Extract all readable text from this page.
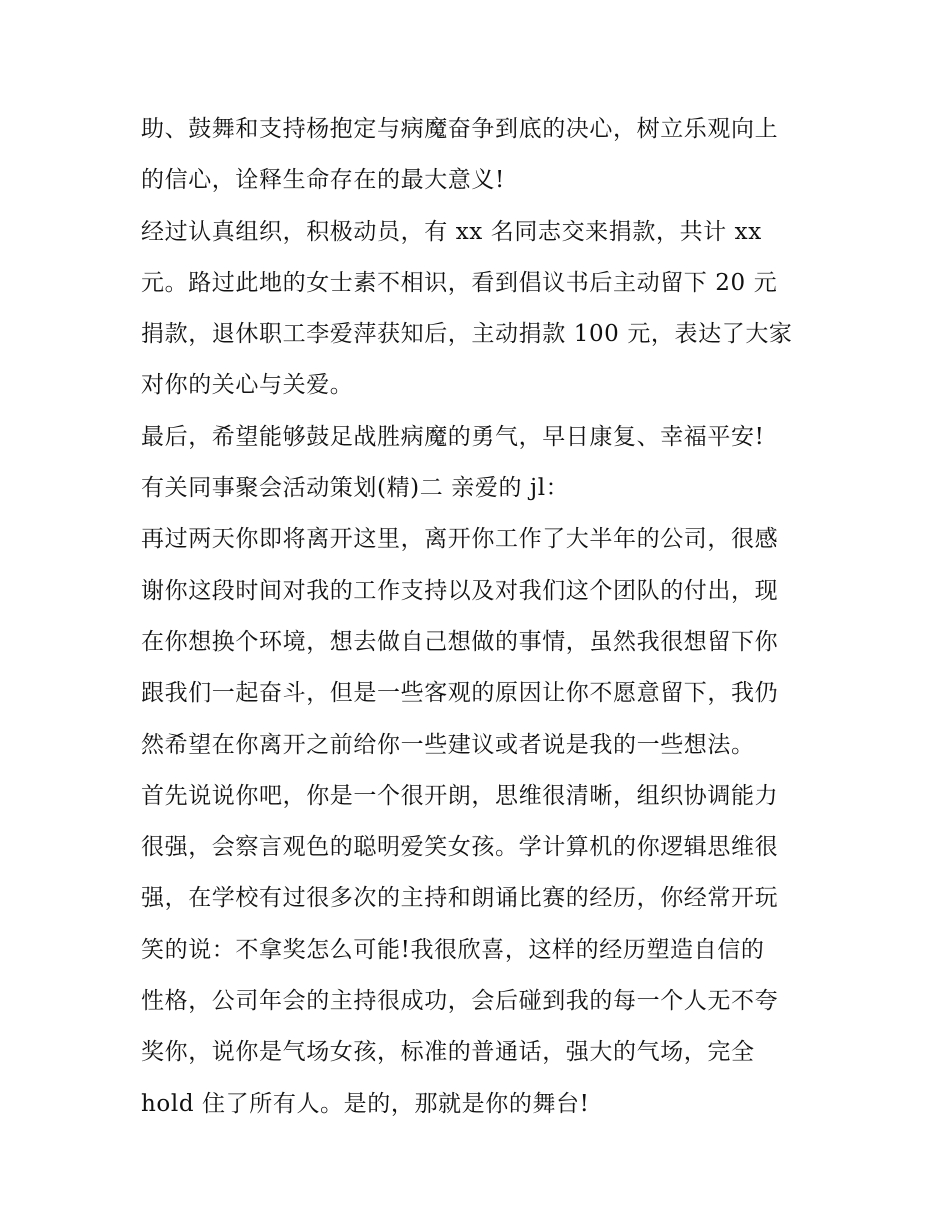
助、鼓舞和支持杨抱定与病魔奋争到底的决心，树立乐观向上
的信心，诠释生命存在的最大意义!
经过认真组织，积极动员，有 xx 名同志交来捐款，共计 xx
元。路过此地的女士素不相识，看到倡议书后主动留下 20 元
捐款，退休职工李爱萍获知后，主动捐款 100 元，表达了大家
对你的关心与关爱。
最后，希望能够鼓足战胜病魔的勇气，早日康复、幸福平安!
有关同事聚会活动策划(精)二 亲爱的 jl：
再过两天你即将离开这里，离开你工作了大半年的公司，很感
谢你这段时间对我的工作支持以及对我们这个团队的付出，现
在你想换个环境，想去做自己想做的事情，虽然我很想留下你
跟我们一起奋斗，但是一些客观的原因让你不愿意留下，我仍
然希望在你离开之前给你一些建议或者说是我的一些想法。
首先说说你吧，你是一个很开朗，思维很清晰，组织协调能力
很强，会察言观色的聪明爱笑女孩。学计算机的你逻辑思维很
强，在学校有过很多次的主持和朗诵比赛的经历，你经常开玩
笑的说：不拿奖怎么可能!我很欣喜，这样的经历塑造自信的
性格，公司年会的主持很成功，会后碰到我的每一个人无不夸
奖你，说你是气场女孩，标准的普通话，强大的气场，完全
hold 住了所有人。是的，那就是你的舞台!
